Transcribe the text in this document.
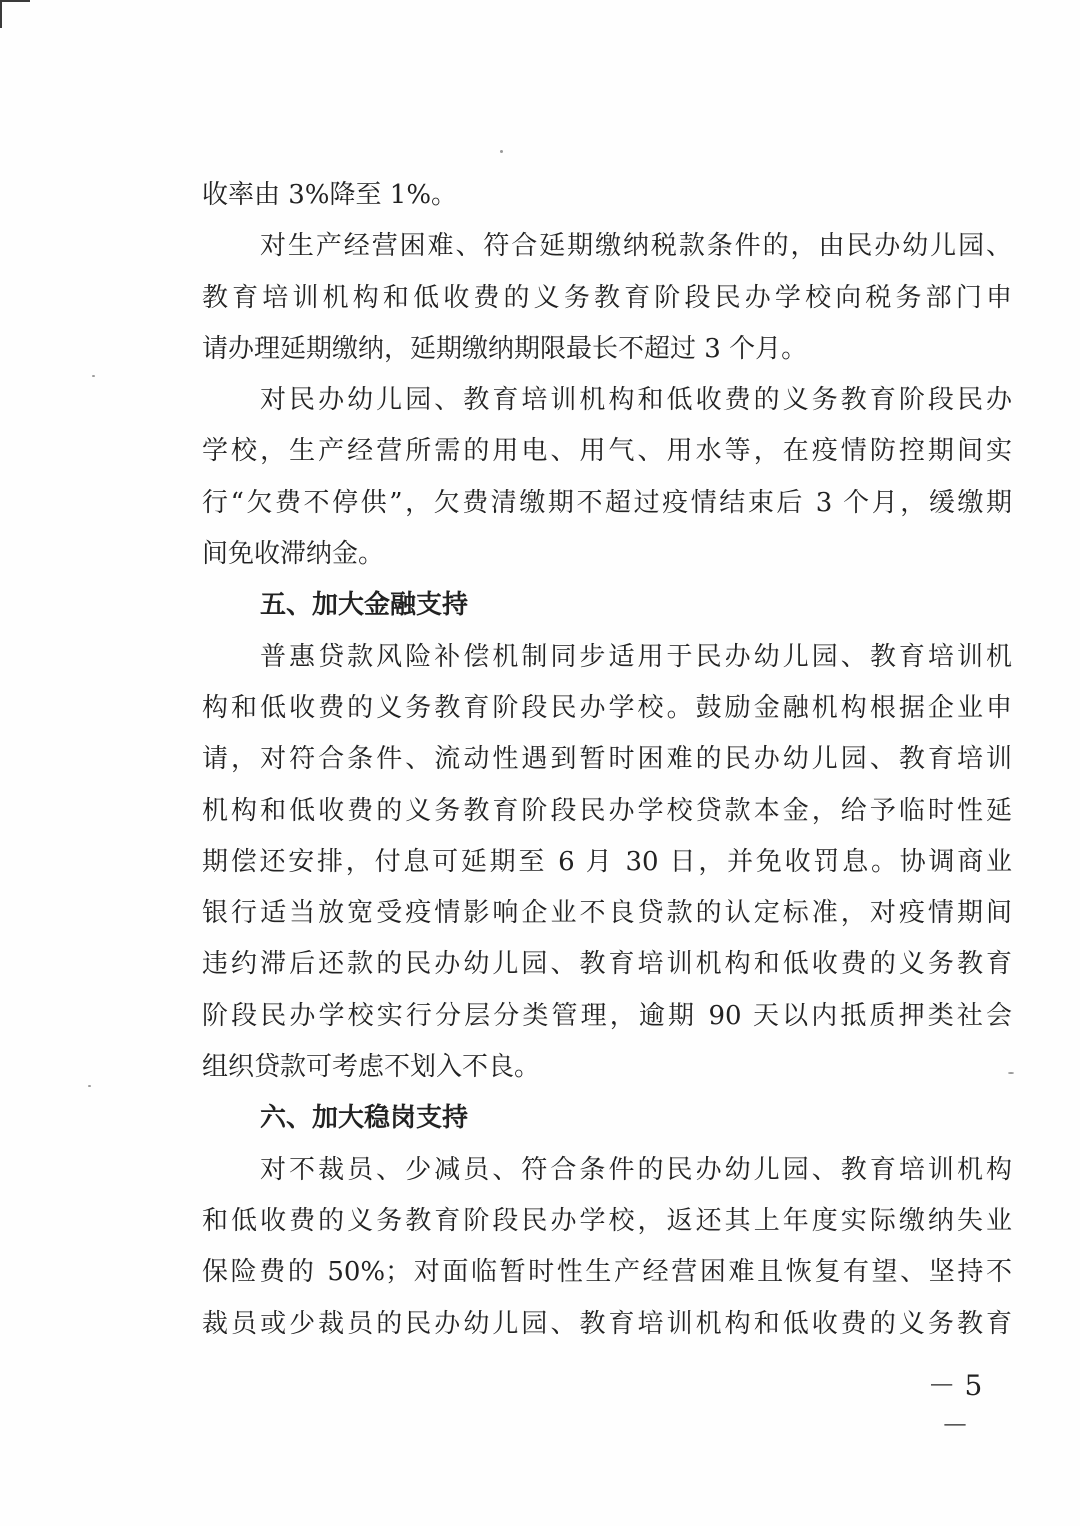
收率由 3%降至 1%。
对生产经营困难、符合延期缴纳税款条件的，由民办幼儿园、
教育培训机构和低收费的义务教育阶段民办学校向税务部门申
请办理延期缴纳，延期缴纳期限最长不超过 3 个月。
对民办幼儿园、教育培训机构和低收费的义务教育阶段民办
学校，生产经营所需的用电、用气、用水等，在疫情防控期间实
行“欠费不停供”，欠费清缴期不超过疫情结束后 3 个月，缓缴期
间免收滞纳金。
五、加大金融支持
普惠贷款风险补偿机制同步适用于民办幼儿园、教育培训机
构和低收费的义务教育阶段民办学校。鼓励金融机构根据企业申
请，对符合条件、流动性遇到暂时困难的民办幼儿园、教育培训
机构和低收费的义务教育阶段民办学校贷款本金，给予临时性延
期偿还安排，付息可延期至 6 月 30 日，并免收罚息。协调商业
银行适当放宽受疫情影响企业不良贷款的认定标准，对疫情期间
违约滞后还款的民办幼儿园、教育培训机构和低收费的义务教育
阶段民办学校实行分层分类管理，逾期 90 天以内抵质押类社会
组织贷款可考虑不划入不良。
六、加大稳岗支持
对不裁员、少减员、符合条件的民办幼儿园、教育培训机构
和低收费的义务教育阶段民办学校，返还其上年度实际缴纳失业
保险费的 50%；对面临暂时性生产经营困难且恢复有望、坚持不
裁员或少裁员的民办幼儿园、教育培训机构和低收费的义务教育
－ 5 －
